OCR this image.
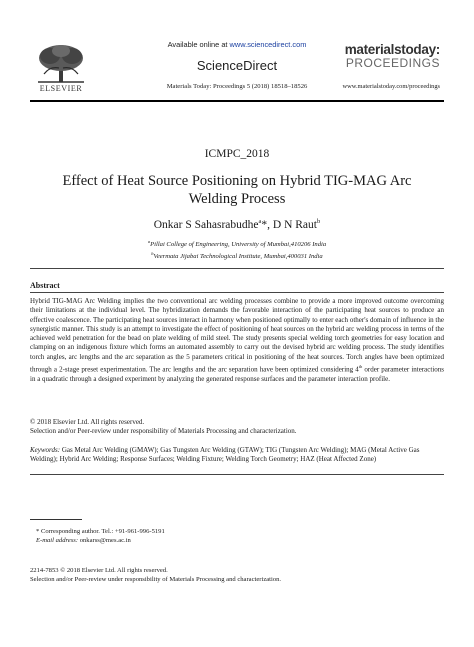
ELSEVIER
Available online at www.sciencedirect.com
ScienceDirect
Materials Today: Proceedings 5 (2018) 18518–18526
materialstoday:
PROCEEDINGS
www.materialstoday.com/proceedings
ICMPC_2018
Effect of Heat Source Positioning on Hybrid TIG-MAG Arc Welding Process
Onkar S Sahasrabudhe$^a$*, D N Raut$^b$
$^a$Pillai College of Engineering, University of Mumbai,410206 India
$^b$Veermata Jijabai Technological Institute, Mumbai,400031 India
Abstract
Hybrid TIG-MAG Arc Welding implies the two conventional arc welding processes combine to provide a more improved outcome overcoming their limitations at the individual level. The hybridization demands the favorable interaction of the participating heat sources to produce an effective coalescence. The participating heat sources interact in harmony when positioned optimally to enter each other's domain of influence in the synergistic manner. This study is an attempt to investigate the effect of positioning of heat sources on the hybrid arc welding process in terms of the achieved weld penetration for the bead on plate welding of mild steel. The study presents special welding torch geometries for easy location and clamping on an indigenous fixture which forms an automated assembly to carry out the devised hybrid arc welding process. The study identifies torch angles, arc lengths and the arc separation as the 5 parameters critical in positioning of the heat sources. Torch angles have been optimized through a 2-stage preset experimentation. The arc lengths and the arc separation have been optimized considering 4th order parameter interactions in a quadratic through a designed experiment by analyzing the generated response surfaces and the parameter interaction profile.
© 2018 Elsevier Ltd. All rights reserved.
Selection and/or Peer-review under responsibility of Materials Processing and characterization.
Keywords: Gas Metal Arc Welding (GMAW); Gas Tungsten Arc Welding (GTAW); TIG (Tungsten Arc Welding); MAG (Metal Active Gas Welding); Hybrid Arc Welding; Response Surfaces; Welding Fixture; Welding Torch Geometry; HAZ (Heat Affected Zone)
* Corresponding author. Tel.: +91-961-996-5191
E-mail address: onkarss@mes.ac.in
2214-7853 © 2018 Elsevier Ltd. All rights reserved.
Selection and/or Peer-review under responsibility of Materials Processing and characterization.
